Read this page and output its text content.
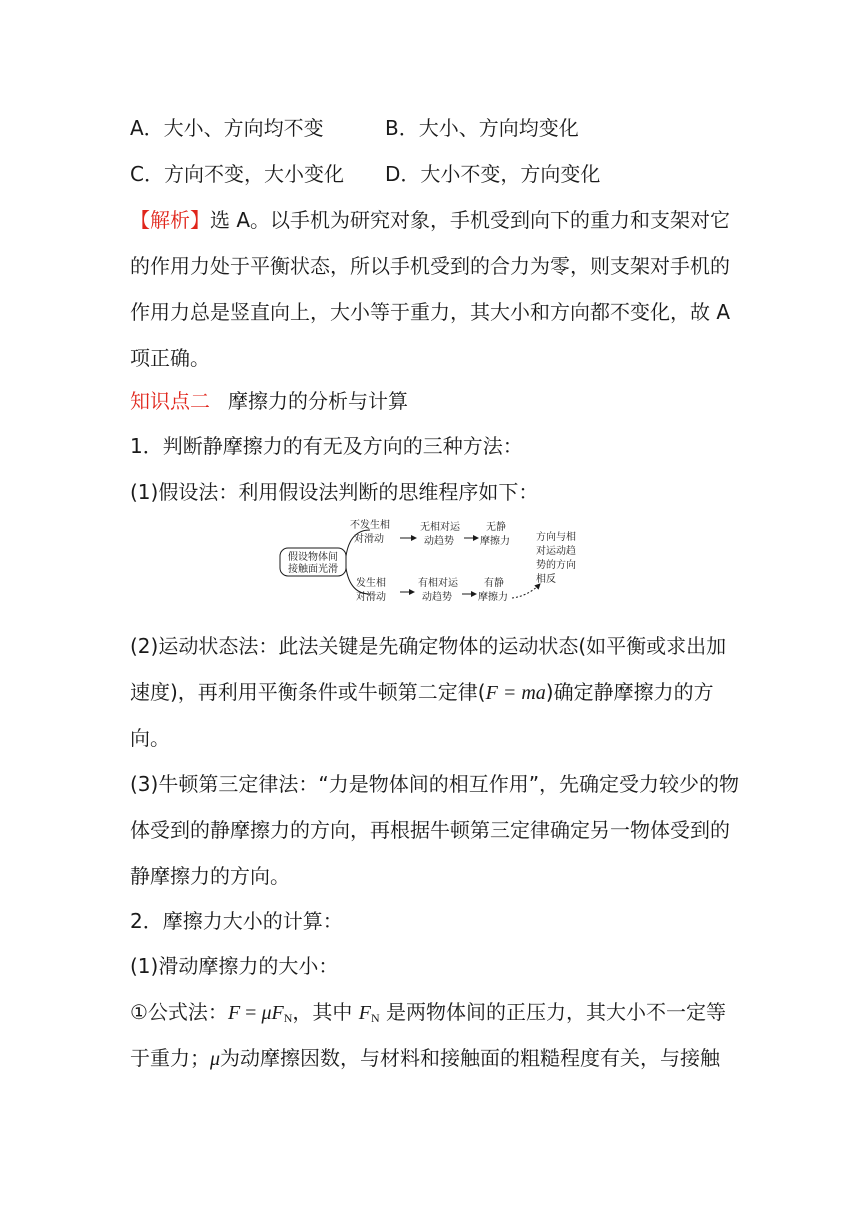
A．大小、方向均不变	B．大小、方向均变化
C．方向不变，大小变化 D．大小不变，方向变化
【解析】选 A。以手机为研究对象，手机受到向下的重力和支架对它
的作用力处于平衡状态，所以手机受到的合力为零，则支架对手机的
作用力总是竖直向上，大小等于重力，其大小和方向都不变化，故 A
项正确。
知识点二 摩擦力的分析与计算
1．判断静摩擦力的有无及方向的三种方法：
(1)假设法：利用假设法判断的思维程序如下：
假设物体间
接触面光滑
不发生相
对滑动
无相对运
动趋势
无静
摩擦力
发生相
对滑动
有相对运
动趋势
有静
摩擦力
方向与相
对运动趋
势的方向
相反
(2)运动状态法：此法关键是先确定物体的运动状态(如平衡或求出加
速度)，再利用平衡条件或牛顿第二定律(F = ma)确定静摩擦力的方
向。
(3)牛顿第三定律法：“力是物体间的相互作用”，先确定受力较少的物
体受到的静摩擦力的方向，再根据牛顿第三定律确定另一物体受到的
静摩擦力的方向。
2．摩擦力大小的计算：
(1)滑动摩擦力的大小：
①公式法：$F = \mu F_N$，其中 $F_N$ 是两物体间的正压力，其大小不一定等
于重力；μ为动摩擦因数，与材料和接触面的粗糙程度有关，与接触
